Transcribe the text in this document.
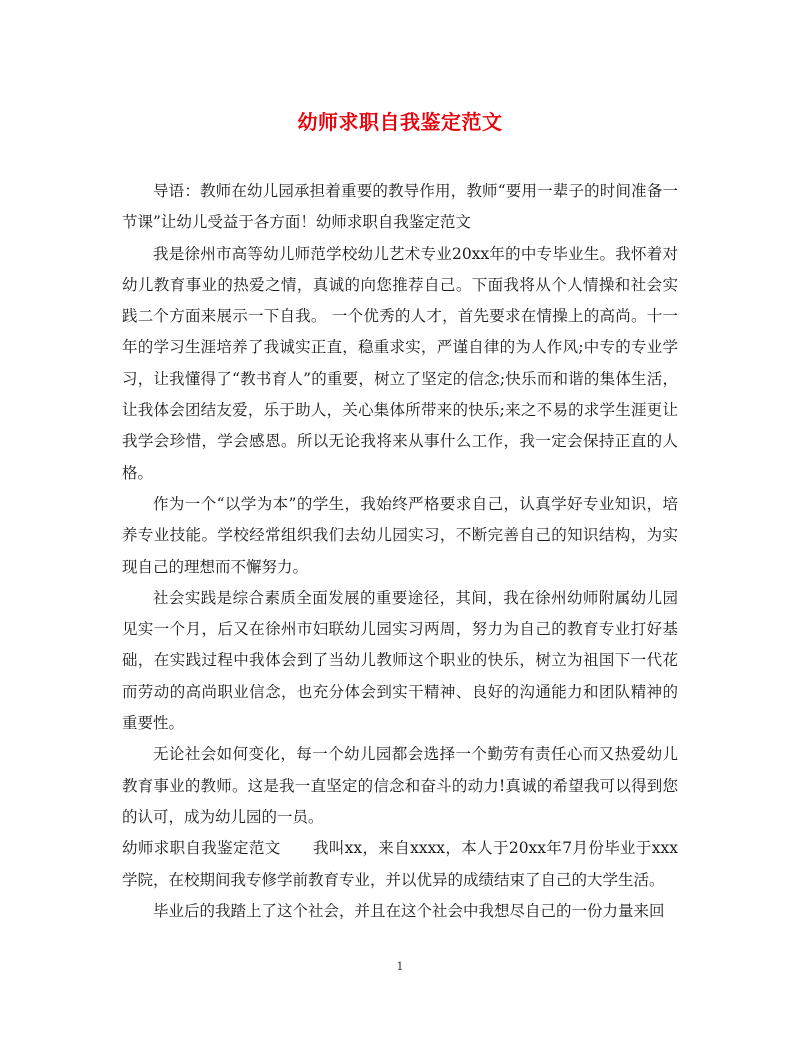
幼师求职自我鉴定范文

导语：教师在幼儿园承担着重要的教导作用，教师“要用一辈子的时间准备一节课”让幼儿受益于各方面！幼师求职自我鉴定范文

我是徐州市高等幼儿师范学校幼儿艺术专业20xx年的中专毕业生。我怀着对幼儿教育事业的热爱之情，真诚的向您推荐自己。下面我将从个人情操和社会实践二个方面来展示一下自我。 一个优秀的人才，首先要求在情操上的高尚。十一年的学习生涯培养了我诚实正直，稳重求实，严谨自律的为人作风;中专的专业学习，让我懂得了“教书育人”的重要，树立了坚定的信念;快乐而和谐的集体生活，让我体会团结友爱，乐于助人，关心集体所带来的快乐;来之不易的求学生涯更让我学会珍惜，学会感恩。所以无论我将来从事什么工作，我一定会保持正直的人格。

作为一个“以学为本”的学生，我始终严格要求自己，认真学好专业知识，培养专业技能。学校经常组织我们去幼儿园实习，不断完善自己的知识结构，为实现自己的理想而不懈努力。

社会实践是综合素质全面发展的重要途径，其间，我在徐州幼师附属幼儿园见实一个月，后又在徐州市妇联幼儿园实习两周，努力为自己的教育专业打好基础，在实践过程中我体会到了当幼儿教师这个职业的快乐，树立为祖国下一代花而劳动的高尚职业信念，也充分体会到实干精神、良好的沟通能力和团队精神的重要性。

无论社会如何变化，每一个幼儿园都会选择一个勤劳有责任心而又热爱幼儿教育事业的教师。这是我一直坚定的信念和奋斗的动力!真诚的希望我可以得到您的认可，成为幼儿园的一员。

幼师求职自我鉴定范文 我叫xx，来自xxxx，本人于20xx年7月份毕业于xxx学院，在校期间我专修学前教育专业，并以优异的成绩结束了自己的大学生活。

毕业后的我踏上了这个社会，并且在这个社会中我想尽自己的一份力量来回

1
